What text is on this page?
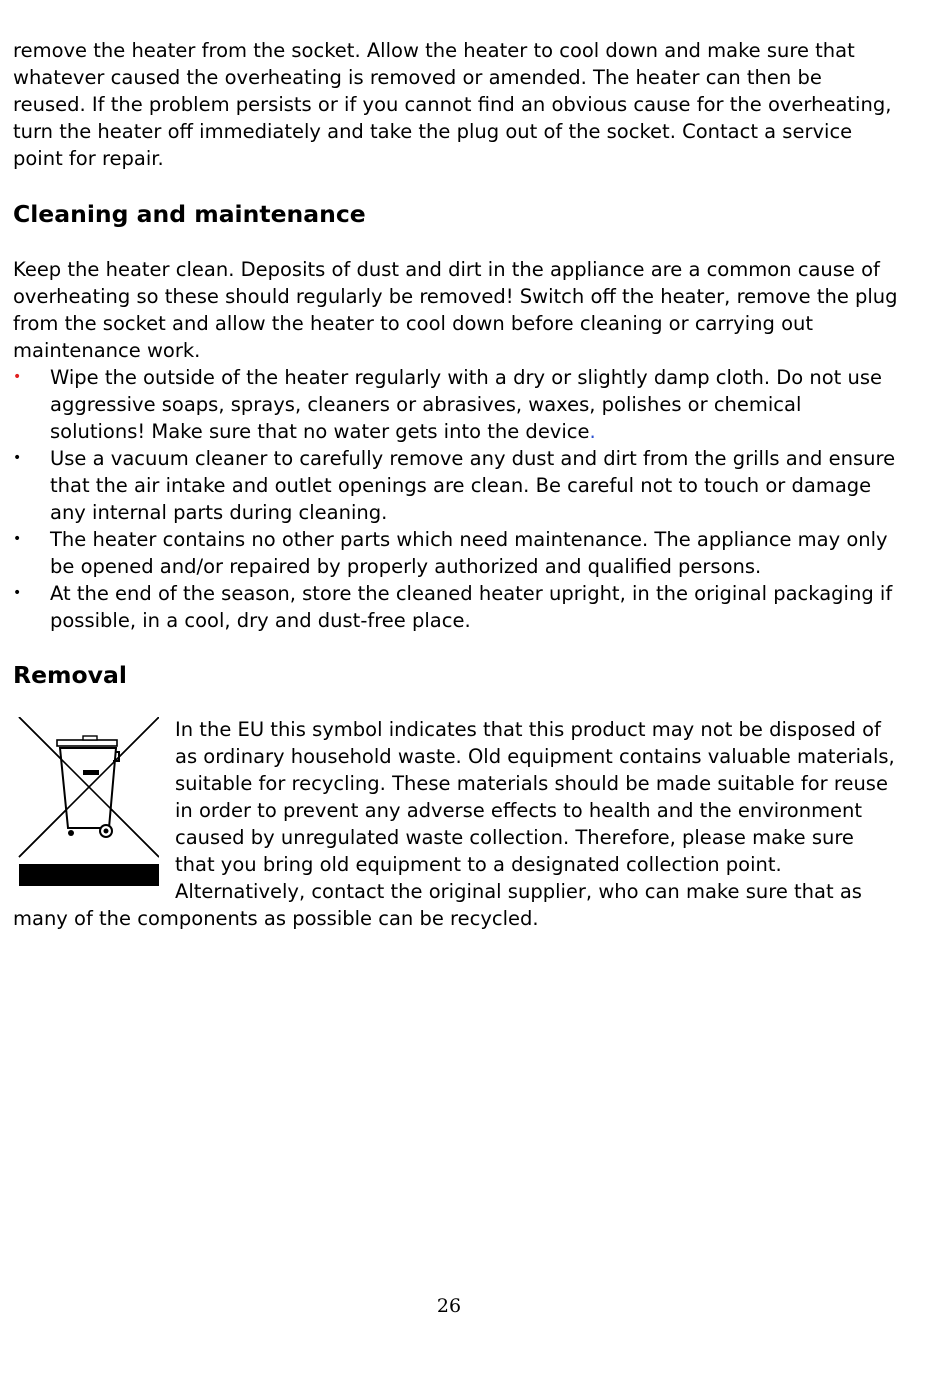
remove the heater from the socket. Allow the heater to cool down and make sure that whatever caused the overheating is removed or amended. The heater can then be reused. If the problem persists or if you cannot find an obvious cause for the overheating, turn the heater off immediately and take the plug out of the socket. Contact a service point for repair.

Cleaning and maintenance

Keep the heater clean. Deposits of dust and dirt in the appliance are a common cause of overheating so these should regularly be removed! Switch off the heater, remove the plug from the socket and allow the heater to cool down before cleaning or carrying out maintenance work.

• Wipe the outside of the heater regularly with a dry or slightly damp cloth. Do not use aggressive soaps, sprays, cleaners or abrasives, waxes, polishes or chemical solutions! Make sure that no water gets into the device.
• Use a vacuum cleaner to carefully remove any dust and dirt from the grills and ensure that the air intake and outlet openings are clean. Be careful not to touch or damage any internal parts during cleaning.
• The heater contains no other parts which need maintenance. The appliance may only be opened and/or repaired by properly authorized and qualified persons.
• At the end of the season, store the cleaned heater upright, in the original packaging if possible, in a cool, dry and dust-free place.
Removal

In the EU this symbol indicates that this product may not be disposed of as ordinary household waste. Old equipment contains valuable materials, suitable for recycling. These materials should be made suitable for reuse in order to prevent any adverse effects to health and the environment caused by unregulated waste collection. Therefore, please make sure that you bring old equipment to a designated collection point. Alternatively, contact the original supplier, who can make sure that as many of the components as possible can be recycled.

26
